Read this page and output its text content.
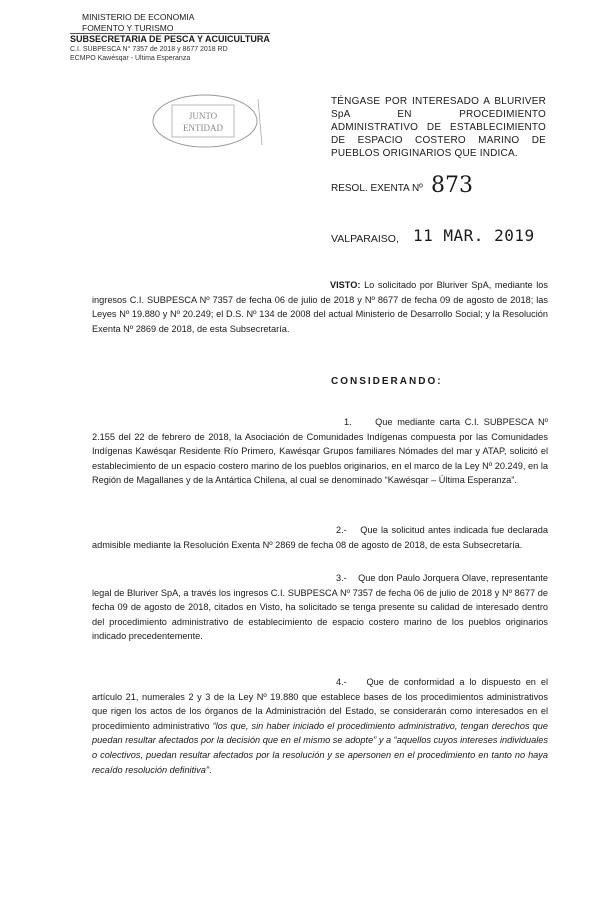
MINISTERIO DE ECONOMIA
FOMENTO Y TURISMO
SUBSECRETARIA DE PESCA Y ACUICULTURA
C.I. SUBPESCA N° 7357 de 2018 y 8677 2018 RD
ECMPO Kawésqar - Ultima Esperanza
JUNTO
ENTIDAD
TÉNGASE POR INTERESADO A BLURIVER SpA EN PROCEDIMIENTO ADMINISTRATIVO DE ESTABLECIMIENTO DE ESPACIO COSTERO MARINO DE PUEBLOS ORIGINARIOS QUE INDICA.
RESOL. EXENTA Nº 873
VALPARAISO, 11 MAR. 2019
VISTO: Lo solicitado por Bluriver SpA, mediante los ingresos C.I. SUBPESCA Nº 7357 de fecha 06 de julio de 2018 y Nº 8677 de fecha 09 de agosto de 2018; las Leyes Nº 19.880 y Nº 20.249; el D.S. Nº 134 de 2008 del actual Ministerio de Desarrollo Social; y la Resolución Exenta Nº 2869 de 2018, de esta Subsecretaría.
CONSIDERANDO:
1.	Que mediante carta C.I. SUBPESCA Nº 2.155 del 22 de febrero de 2018, la Asociación de Comunidades Indígenas compuesta por las Comunidades Indígenas Kawésqar Residente Río Primero, Kawésqar Grupos familiares Nómades del mar y ATAP, solicitó el establecimiento de un espacio costero marino de los pueblos originarios, en el marco de la Ley Nº 20.249, en la Región de Magallanes y de la Antártica Chilena, al cual se denominado “Kawésqar – Última Esperanza”.
2.- Que la solicitud antes indicada fue declarada admisible mediante la Resolución Exenta Nº 2869 de fecha 08 de agosto de 2018, de esta Subsecretaría.
3.- Que don Paulo Jorquera Olave, representante legal de Bluriver SpA, a través los ingresos C.I. SUBPESCA Nº 7357 de fecha 06 de julio de 2018 y Nº 8677 de fecha 09 de agosto de 2018, citados en Visto, ha solicitado se tenga presente su calidad de interesado dentro del procedimiento administrativo de establecimiento de espacio costero marino de los pueblos originarios indicado precedentemente.
4.- Que de conformidad a lo dispuesto en el artículo 21, numerales 2 y 3 de la Ley Nº 19.880 que establece bases de los procedimientos administrativos que rigen los actos de los órganos de la Administración del Estado, se considerarán como interesados en el procedimiento administrativo “los que, sin haber iniciado el procedimiento administrativo, tengan derechos que puedan resultar afectados por la decisión que en el mismo se adopte” y a “aquellos cuyos intereses individuales o colectivos, puedan resultar afectados por la resolución y se apersonen en el procedimiento en tanto no haya recaído resolución definitiva”.
